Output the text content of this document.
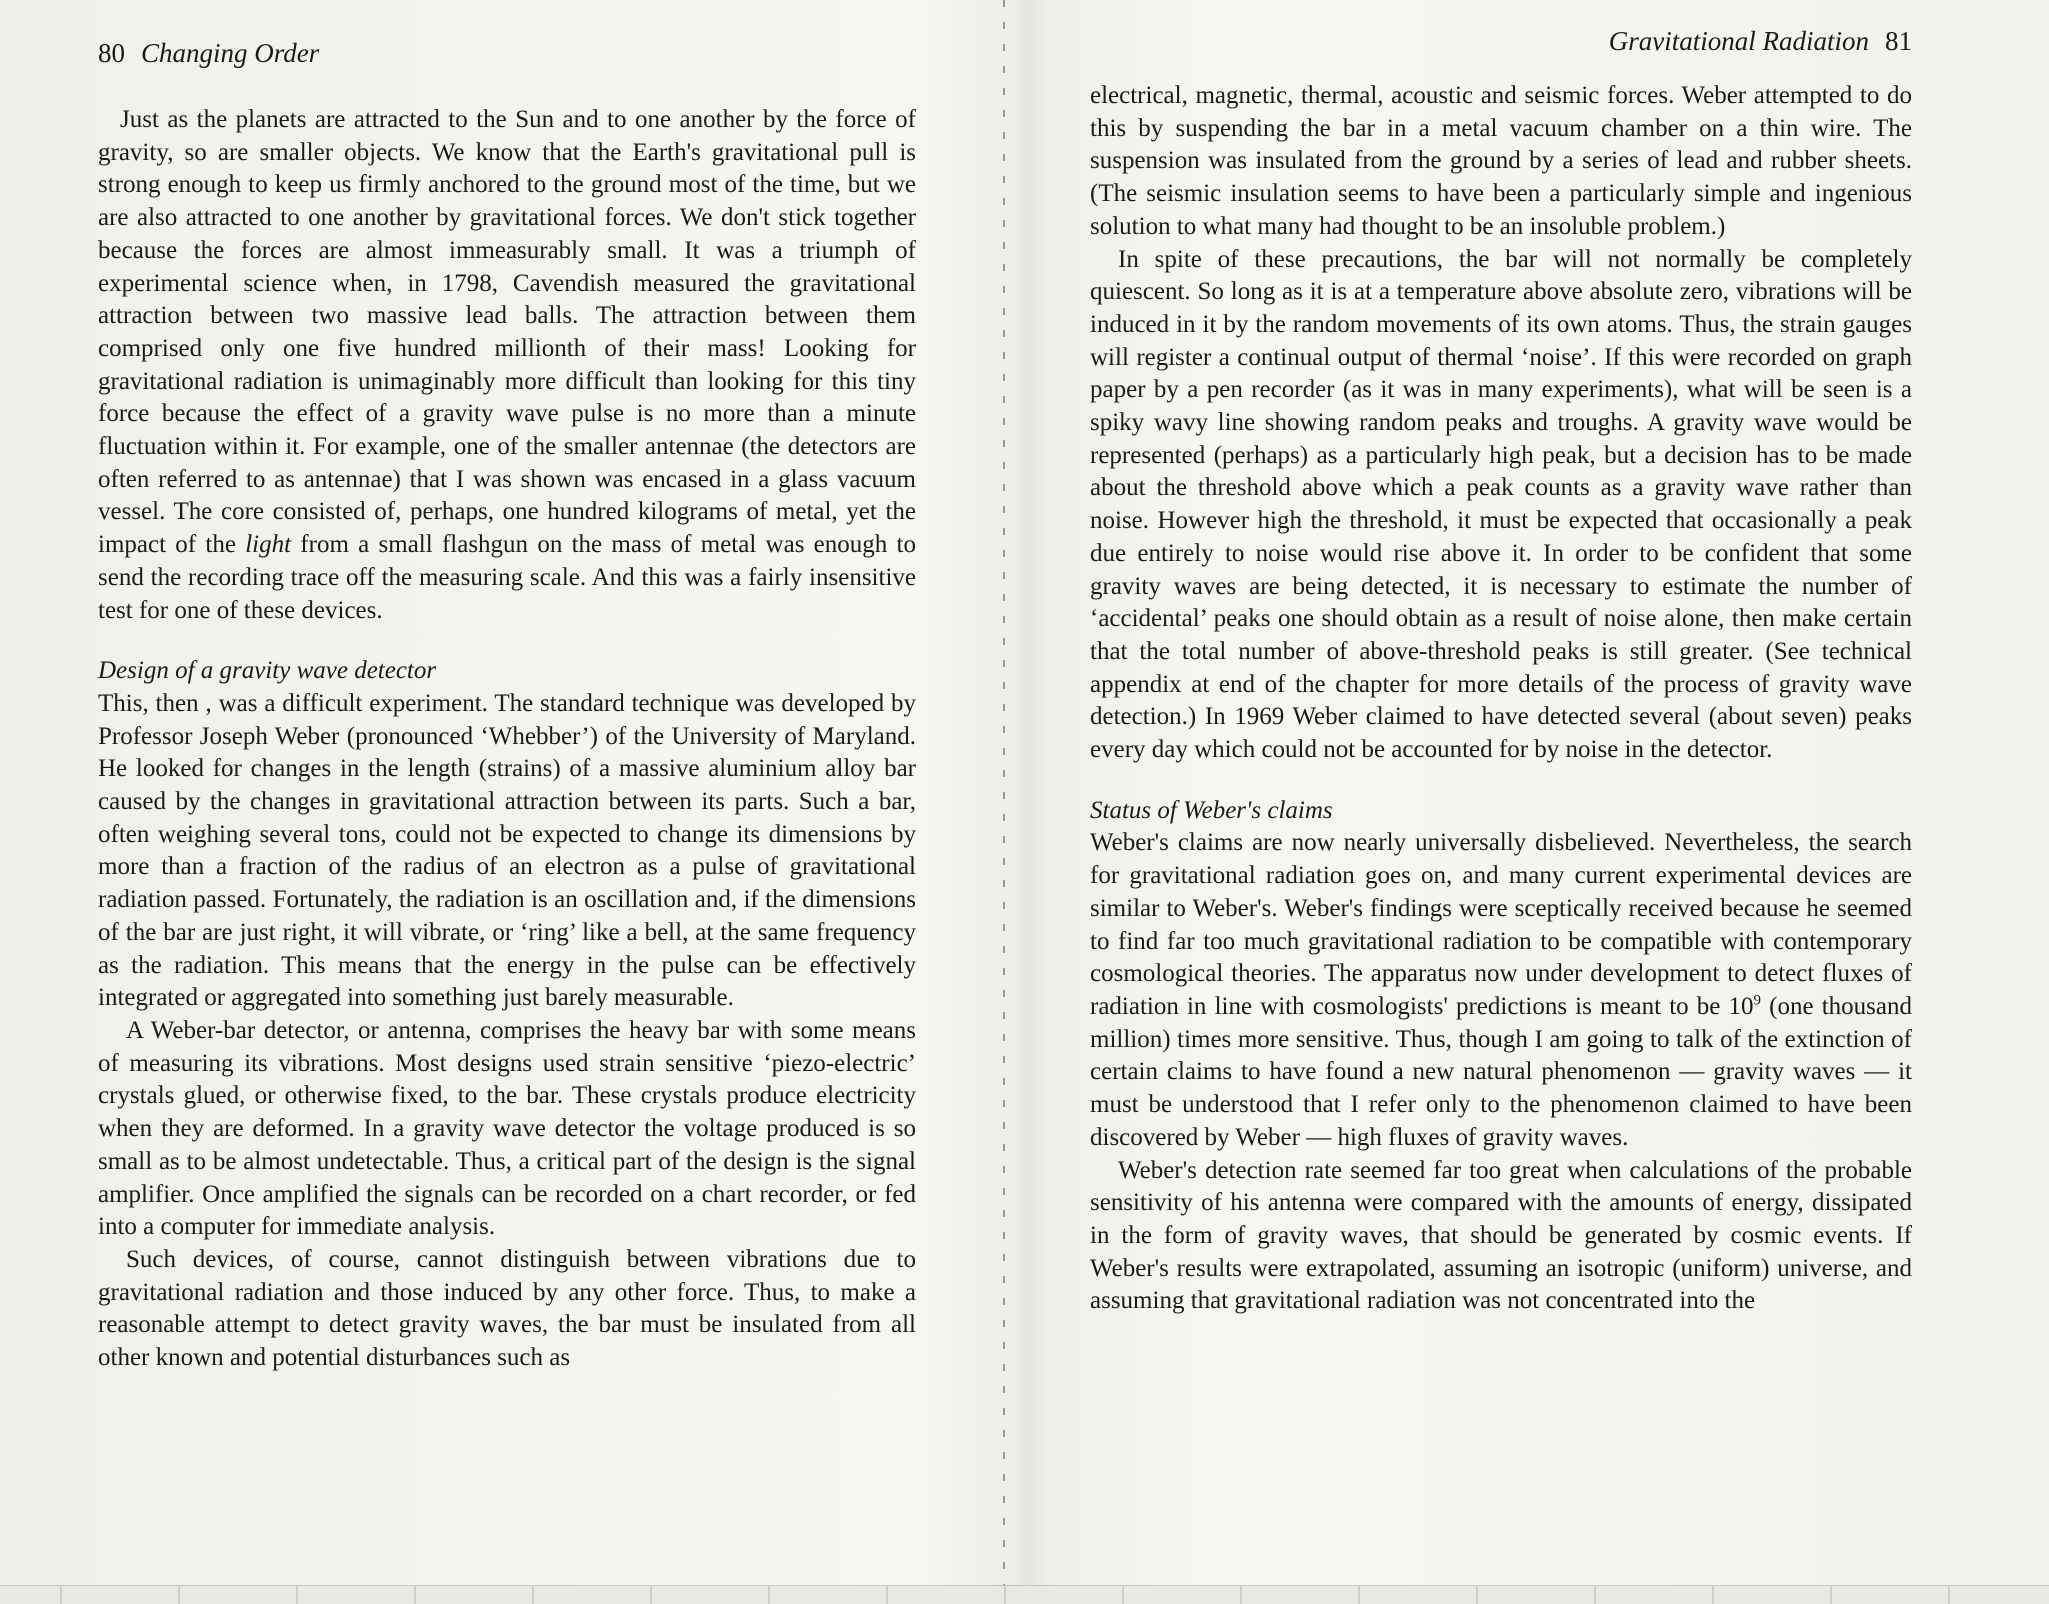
80 Changing Order

Just as the planets are attracted to the Sun and to one another by the force of gravity, so are smaller objects. We know that the Earth's gravitational pull is strong enough to keep us firmly anchored to the ground most of the time, but we are also attracted to one another by gravitational forces. We don't stick together because the forces are almost immeasurably small. It was a triumph of experimental science when, in 1798, Cavendish measured the gravitational attraction between two massive lead balls. The attraction between them comprised only one five hundred millionth of their mass! Looking for gravitational radiation is unimaginably more difficult than looking for this tiny force because the effect of a gravity wave pulse is no more than a minute fluctuation within it. For example, one of the smaller antennae (the detectors are often referred to as antennae) that I was shown was encased in a glass vacuum vessel. The core consisted of, perhaps, one hundred kilograms of metal, yet the impact of the light from a small flashgun on the mass of metal was enough to send the recording trace off the measuring scale. And this was a fairly insensitive test for one of these devices.

Design of a gravity wave detector

This, then , was a difficult experiment. The standard technique was developed by Professor Joseph Weber (pronounced ‘Whebber’) of the University of Maryland. He looked for changes in the length (strains) of a massive aluminium alloy bar caused by the changes in gravitational attraction between its parts. Such a bar, often weighing several tons, could not be expected to change its dimensions by more than a fraction of the radius of an electron as a pulse of gravitational radiation passed. Fortunately, the radiation is an oscillation and, if the dimensions of the bar are just right, it will vibrate, or ‘ring’ like a bell, at the same frequency as the radiation. This means that the energy in the pulse can be effectively integrated or aggregated into something just barely measurable.

A Weber-bar detector, or antenna, comprises the heavy bar with some means of measuring its vibrations. Most designs used strain sensitive ‘piezo-electric’ crystals glued, or otherwise fixed, to the bar. These crystals produce electricity when they are deformed. In a gravity wave detector the voltage produced is so small as to be almost undetectable. Thus, a critical part of the design is the signal amplifier. Once amplified the signals can be recorded on a chart recorder, or fed into a computer for immediate analysis.

Such devices, of course, cannot distinguish between vibrations due to gravitational radiation and those induced by any other force. Thus, to make a reasonable attempt to detect gravity waves, the bar must be insulated from all other known and potential disturbances such as

Gravitational Radiation 81

electrical, magnetic, thermal, acoustic and seismic forces. Weber attempted to do this by suspending the bar in a metal vacuum chamber on a thin wire. The suspension was insulated from the ground by a series of lead and rubber sheets. (The seismic insulation seems to have been a particularly simple and ingenious solution to what many had thought to be an insoluble problem.)

In spite of these precautions, the bar will not normally be completely quiescent. So long as it is at a temperature above absolute zero, vibrations will be induced in it by the random movements of its own atoms. Thus, the strain gauges will register a continual output of thermal ‘noise’. If this were recorded on graph paper by a pen recorder (as it was in many experiments), what will be seen is a spiky wavy line showing random peaks and troughs. A gravity wave would be represented (perhaps) as a particularly high peak, but a decision has to be made about the threshold above which a peak counts as a gravity wave rather than noise. However high the threshold, it must be expected that occasionally a peak due entirely to noise would rise above it. In order to be confident that some gravity waves are being detected, it is necessary to estimate the number of ‘accidental’ peaks one should obtain as a result of noise alone, then make certain that the total number of above-threshold peaks is still greater. (See technical appendix at end of the chapter for more details of the process of gravity wave detection.) In 1969 Weber claimed to have detected several (about seven) peaks every day which could not be accounted for by noise in the detector.

Status of Weber's claims

Weber's claims are now nearly universally disbelieved. Nevertheless, the search for gravitational radiation goes on, and many current experimental devices are similar to Weber's. Weber's findings were sceptically received because he seemed to find far too much gravitational radiation to be compatible with contemporary cosmological theories. The apparatus now under development to detect fluxes of radiation in line with cosmologists' predictions is meant to be $10^9$ (one thousand million) times more sensitive. Thus, though I am going to talk of the extinction of certain claims to have found a new natural phenomenon — gravity waves — it must be understood that I refer only to the phenomenon claimed to have been discovered by Weber — high fluxes of gravity waves.

Weber's detection rate seemed far too great when calculations of the probable sensitivity of his antenna were compared with the amounts of energy, dissipated in the form of gravity waves, that should be generated by cosmic events. If Weber's results were extrapolated, assuming an isotropic (uniform) universe, and assuming that gravitational radiation was not concentrated into the
